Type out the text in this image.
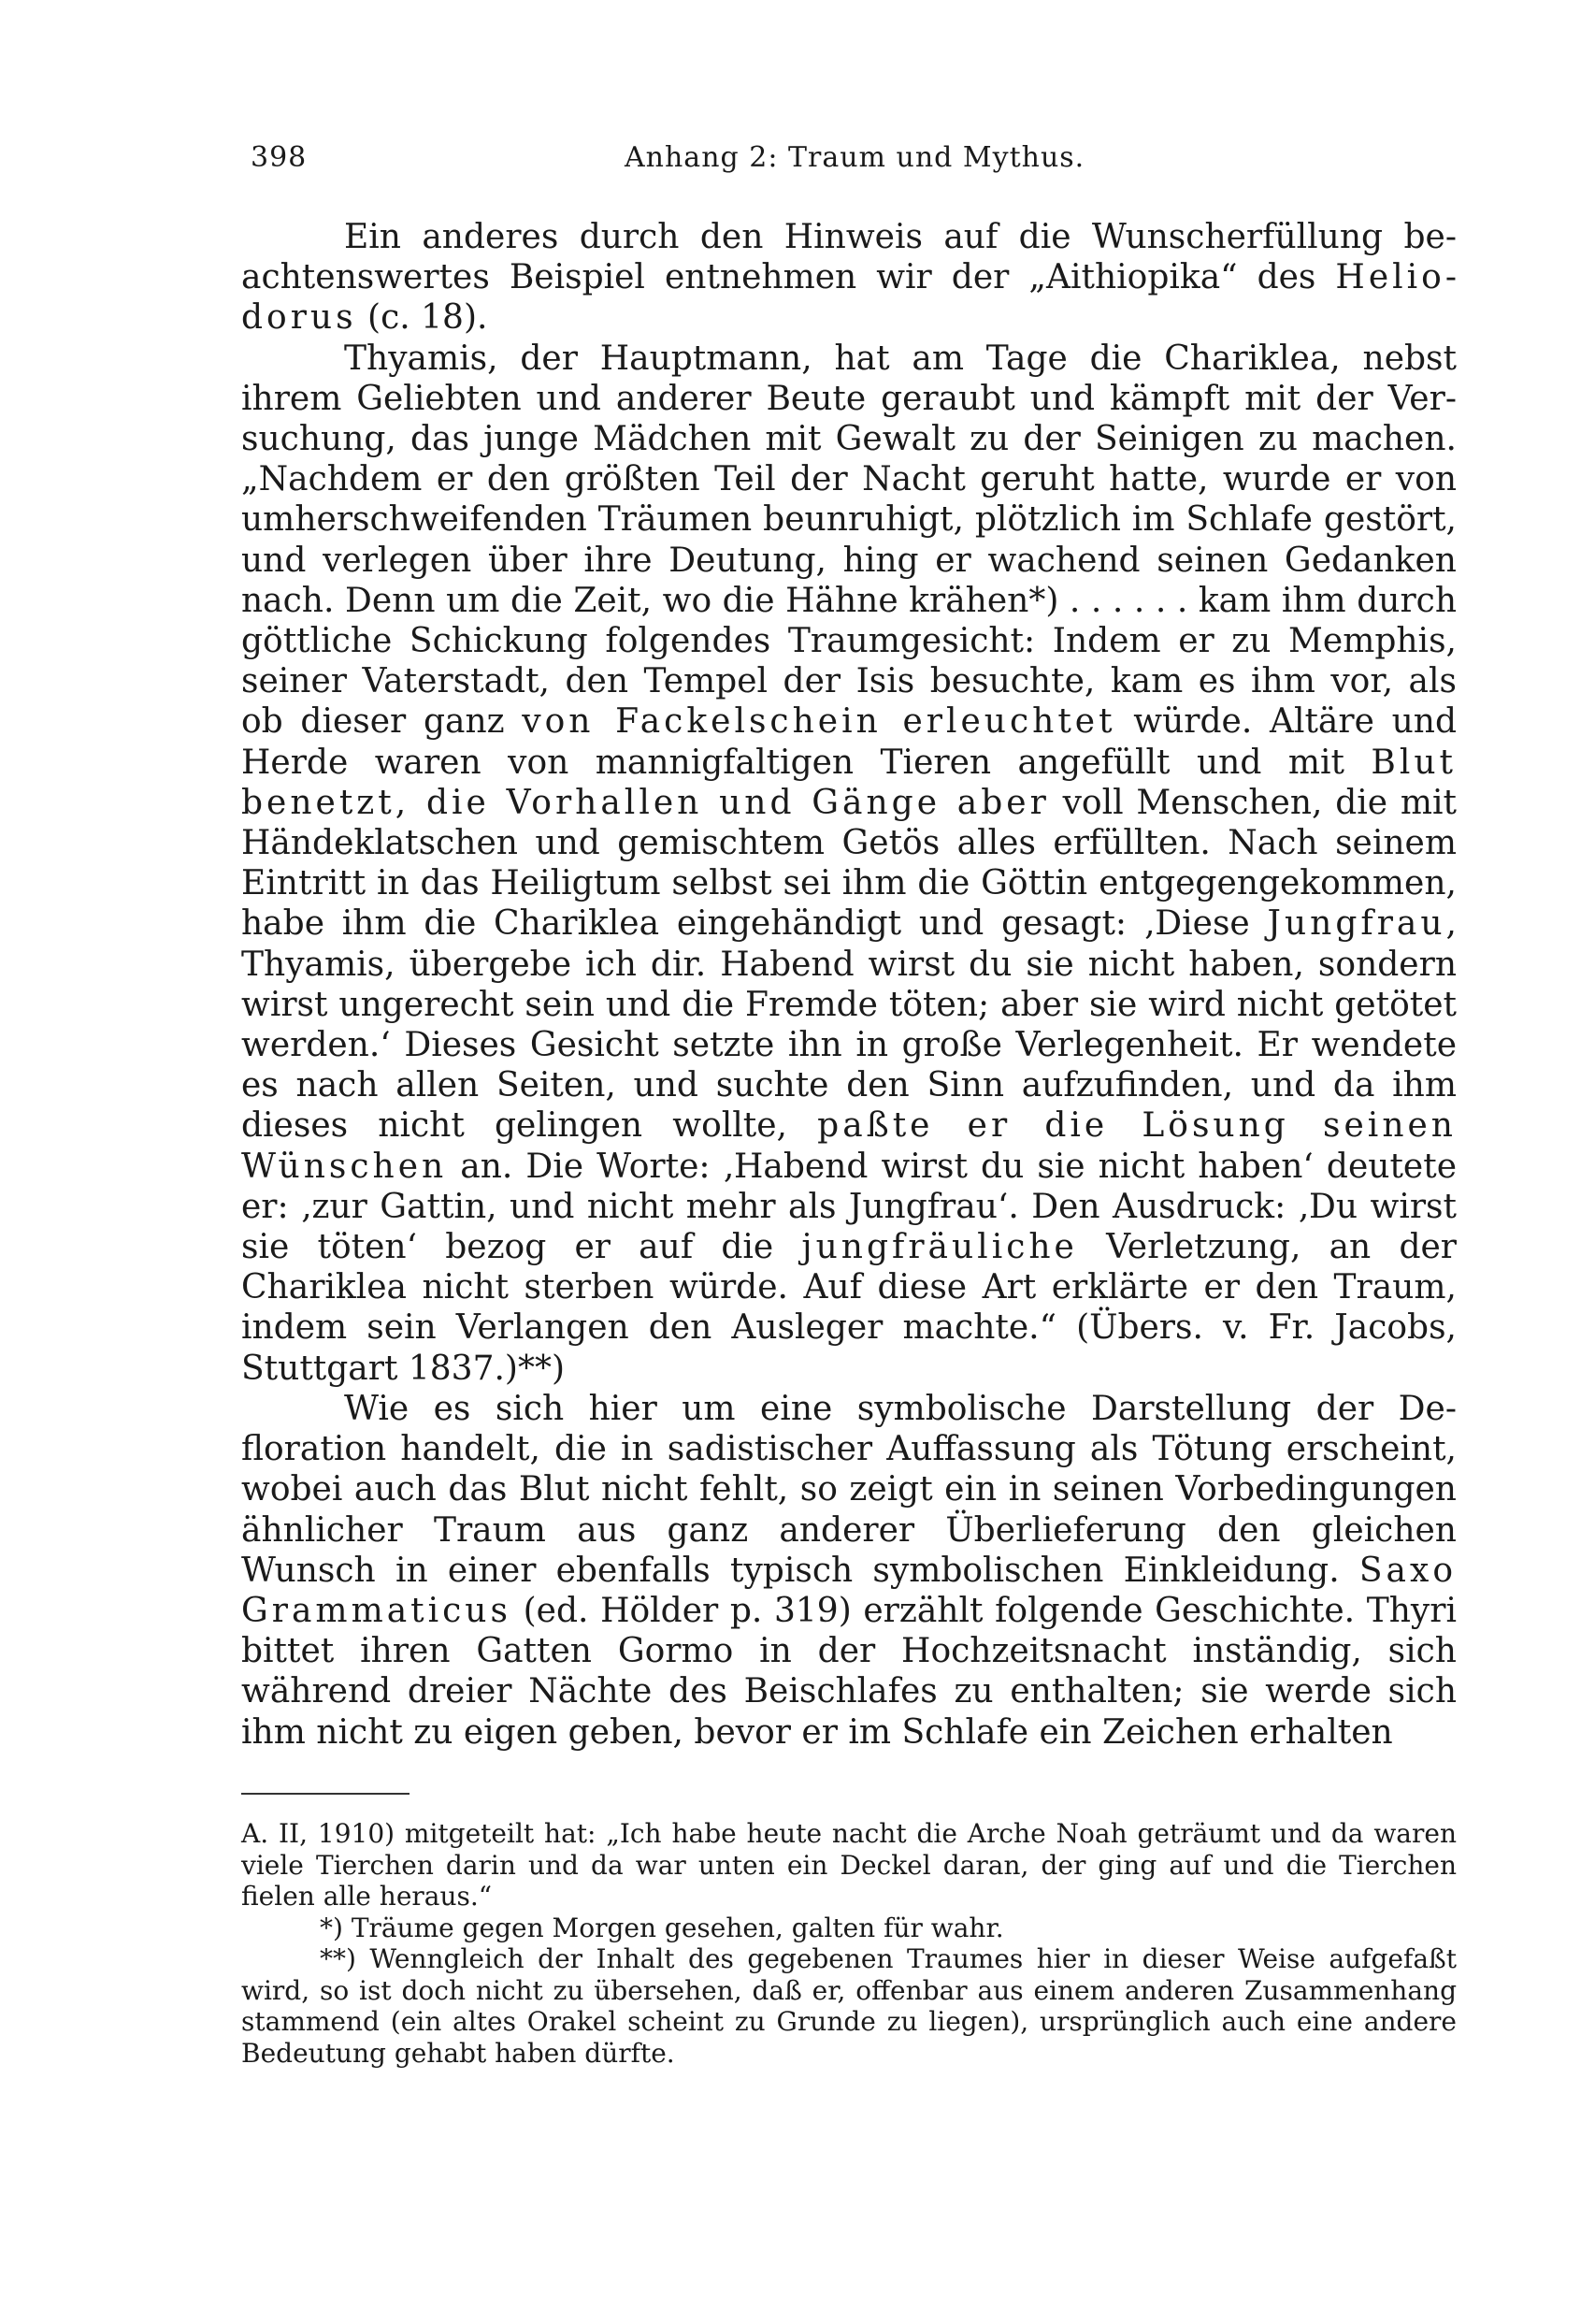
398	Anhang 2: Traum und Mythus.

Ein anderes durch den Hinweis auf die Wunscherfüllung beachtenswertes Beispiel entnehmen wir der „Aithiopika“ des Heliodorus (c. 18).

Thyamis, der Hauptmann, hat am Tage die Chariklea, nebst ihrem Geliebten und anderer Beute geraubt und kämpft mit der Versuchung, das junge Mädchen mit Gewalt zu der Seinigen zu machen. „Nachdem er den größten Teil der Nacht geruht hatte, wurde er von umherschweifenden Träumen beunruhigt, plötzlich im Schlafe gestört, und verlegen über ihre Deutung, hing er wachend seinen Gedanken nach. Denn um die Zeit, wo die Hähne krähen*) . . . . . . kam ihm durch göttliche Schickung folgendes Traumgesicht: Indem er zu Memphis, seiner Vaterstadt, den Tempel der Isis besuchte, kam es ihm vor, als ob dieser ganz von Fackelschein erleuchtet würde. Altäre und Herde waren von mannigfaltigen Tieren angefüllt und mit Blut benetzt, die Vorhallen und Gänge aber voll Menschen, die mit Händeklatschen und gemischtem Getös alles erfüllten. Nach seinem Eintritt in das Heiligtum selbst sei ihm die Göttin entgegengekommen, habe ihm die Chariklea eingehändigt und gesagt: ‚Diese Jungfrau, Thyamis, übergebe ich dir. Habend wirst du sie nicht haben, sondern wirst ungerecht sein und die Fremde töten; aber sie wird nicht getötet werden.‘ Dieses Gesicht setzte ihn in große Verlegenheit. Er wendete es nach allen Seiten, und suchte den Sinn aufzufinden, und da ihm dieses nicht gelingen wollte, paßte er die Lösung seinen Wünschen an. Die Worte: ‚Habend wirst du sie nicht haben‘ deutete er: ‚zur Gattin, und nicht mehr als Jungfrau‘. Den Ausdruck: ‚Du wirst sie töten‘ bezog er auf die jungfräuliche Verletzung, an der Chariklea nicht sterben würde. Auf diese Art erklärte er den Traum, indem sein Verlangen den Ausleger machte.“ (Übers. v. Fr. Jacobs, Stuttgart 1837.)**)

Wie es sich hier um eine symbolische Darstellung der Defloration handelt, die in sadistischer Auffassung als Tötung erscheint, wobei auch das Blut nicht fehlt, so zeigt ein in seinen Vorbedingungen ähnlicher Traum aus ganz anderer Überlieferung den gleichen Wunsch in einer ebenfalls typisch symbolischen Einkleidung. Saxo Grammaticus (ed. Hölder p. 319) erzählt folgende Geschichte. Thyri bittet ihren Gatten Gormo in der Hochzeitsnacht inständig, sich während dreier Nächte des Beischlafes zu enthalten; sie werde sich ihm nicht zu eigen geben, bevor er im Schlafe ein Zeichen erhalten

A. II, 1910) mitgeteilt hat: „Ich habe heute nacht die Arche Noah geträumt und da waren viele Tierchen darin und da war unten ein Deckel daran, der ging auf und die Tierchen fielen alle heraus.“

*) Träume gegen Morgen gesehen, galten für wahr.

**) Wenngleich der Inhalt des gegebenen Traumes hier in dieser Weise aufgefaßt wird, so ist doch nicht zu übersehen, daß er, offenbar aus einem anderen Zusammenhang stammend (ein altes Orakel scheint zu Grunde zu liegen), ursprünglich auch eine andere Bedeutung gehabt haben dürfte.
